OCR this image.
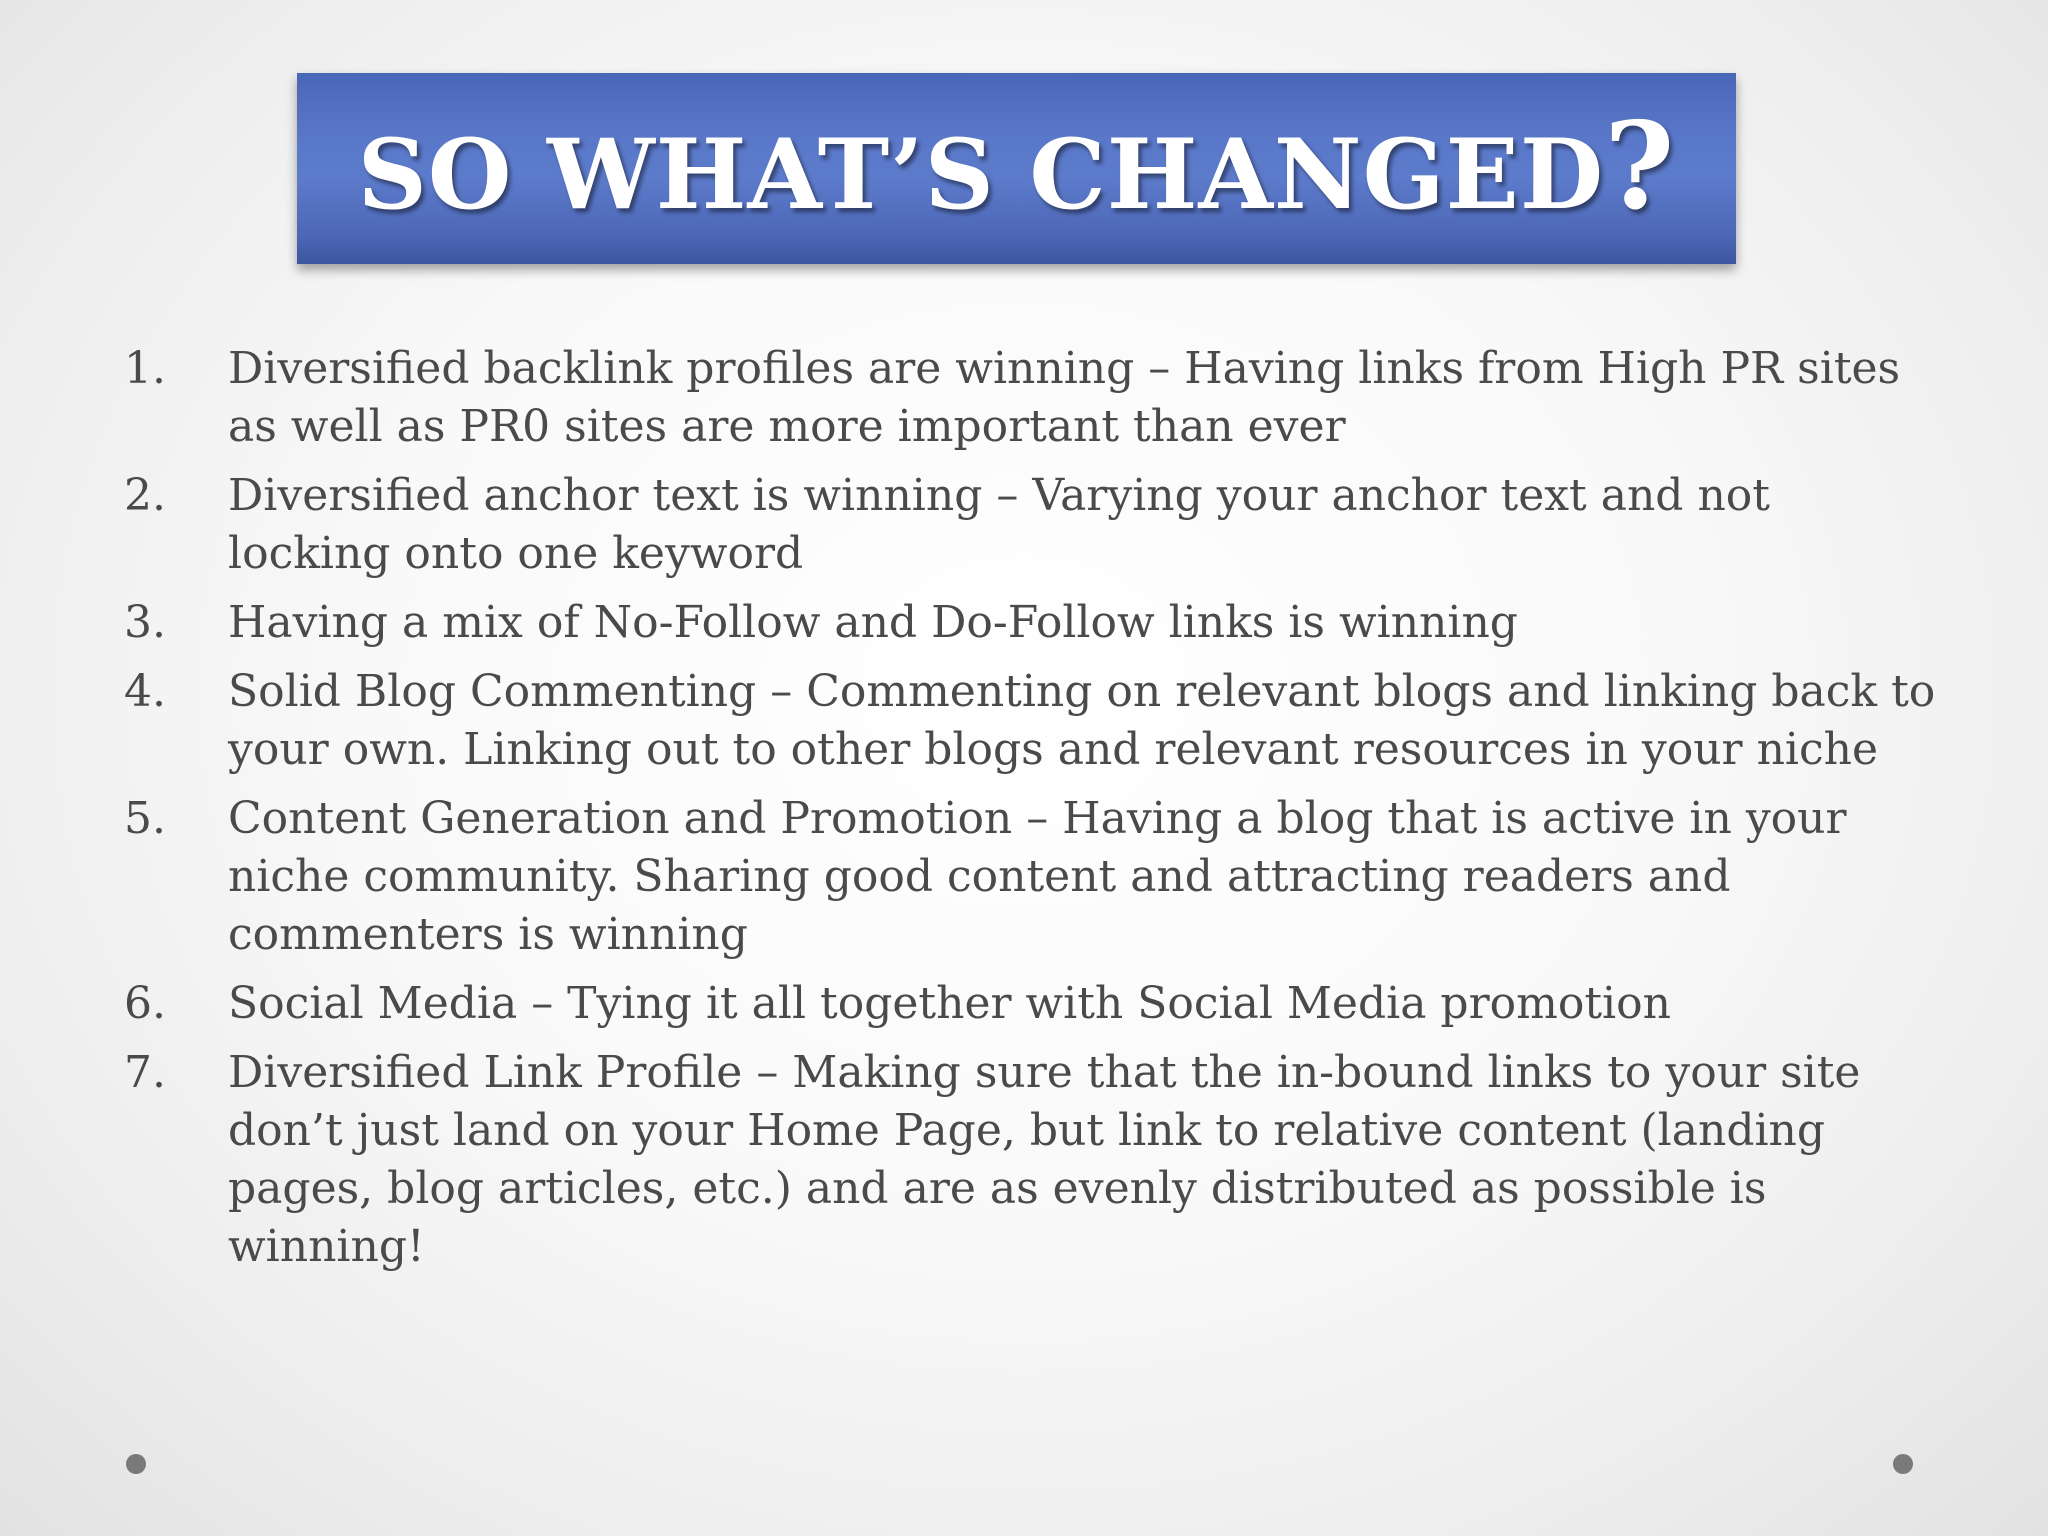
SO WHAT’S CHANGED?
1. Diversified backlink profiles are winning – Having links from High PR sites as well as PR0 sites are more important than ever
2. Diversified anchor text is winning – Varying your anchor text and not locking onto one keyword
3. Having a mix of No-Follow and Do-Follow links is winning
4. Solid Blog Commenting – Commenting on relevant blogs and linking back to your own. Linking out to other blogs and relevant resources in your niche
5. Content Generation and Promotion – Having a blog that is active in your niche community. Sharing good content and attracting readers and commenters is winning
6. Social Media – Tying it all together with Social Media promotion
7. Diversified Link Profile – Making sure that the in-bound links to your site don’t just land on your Home Page, but link to relative content (landing pages, blog articles, etc.) and are as evenly distributed as possible is winning!
